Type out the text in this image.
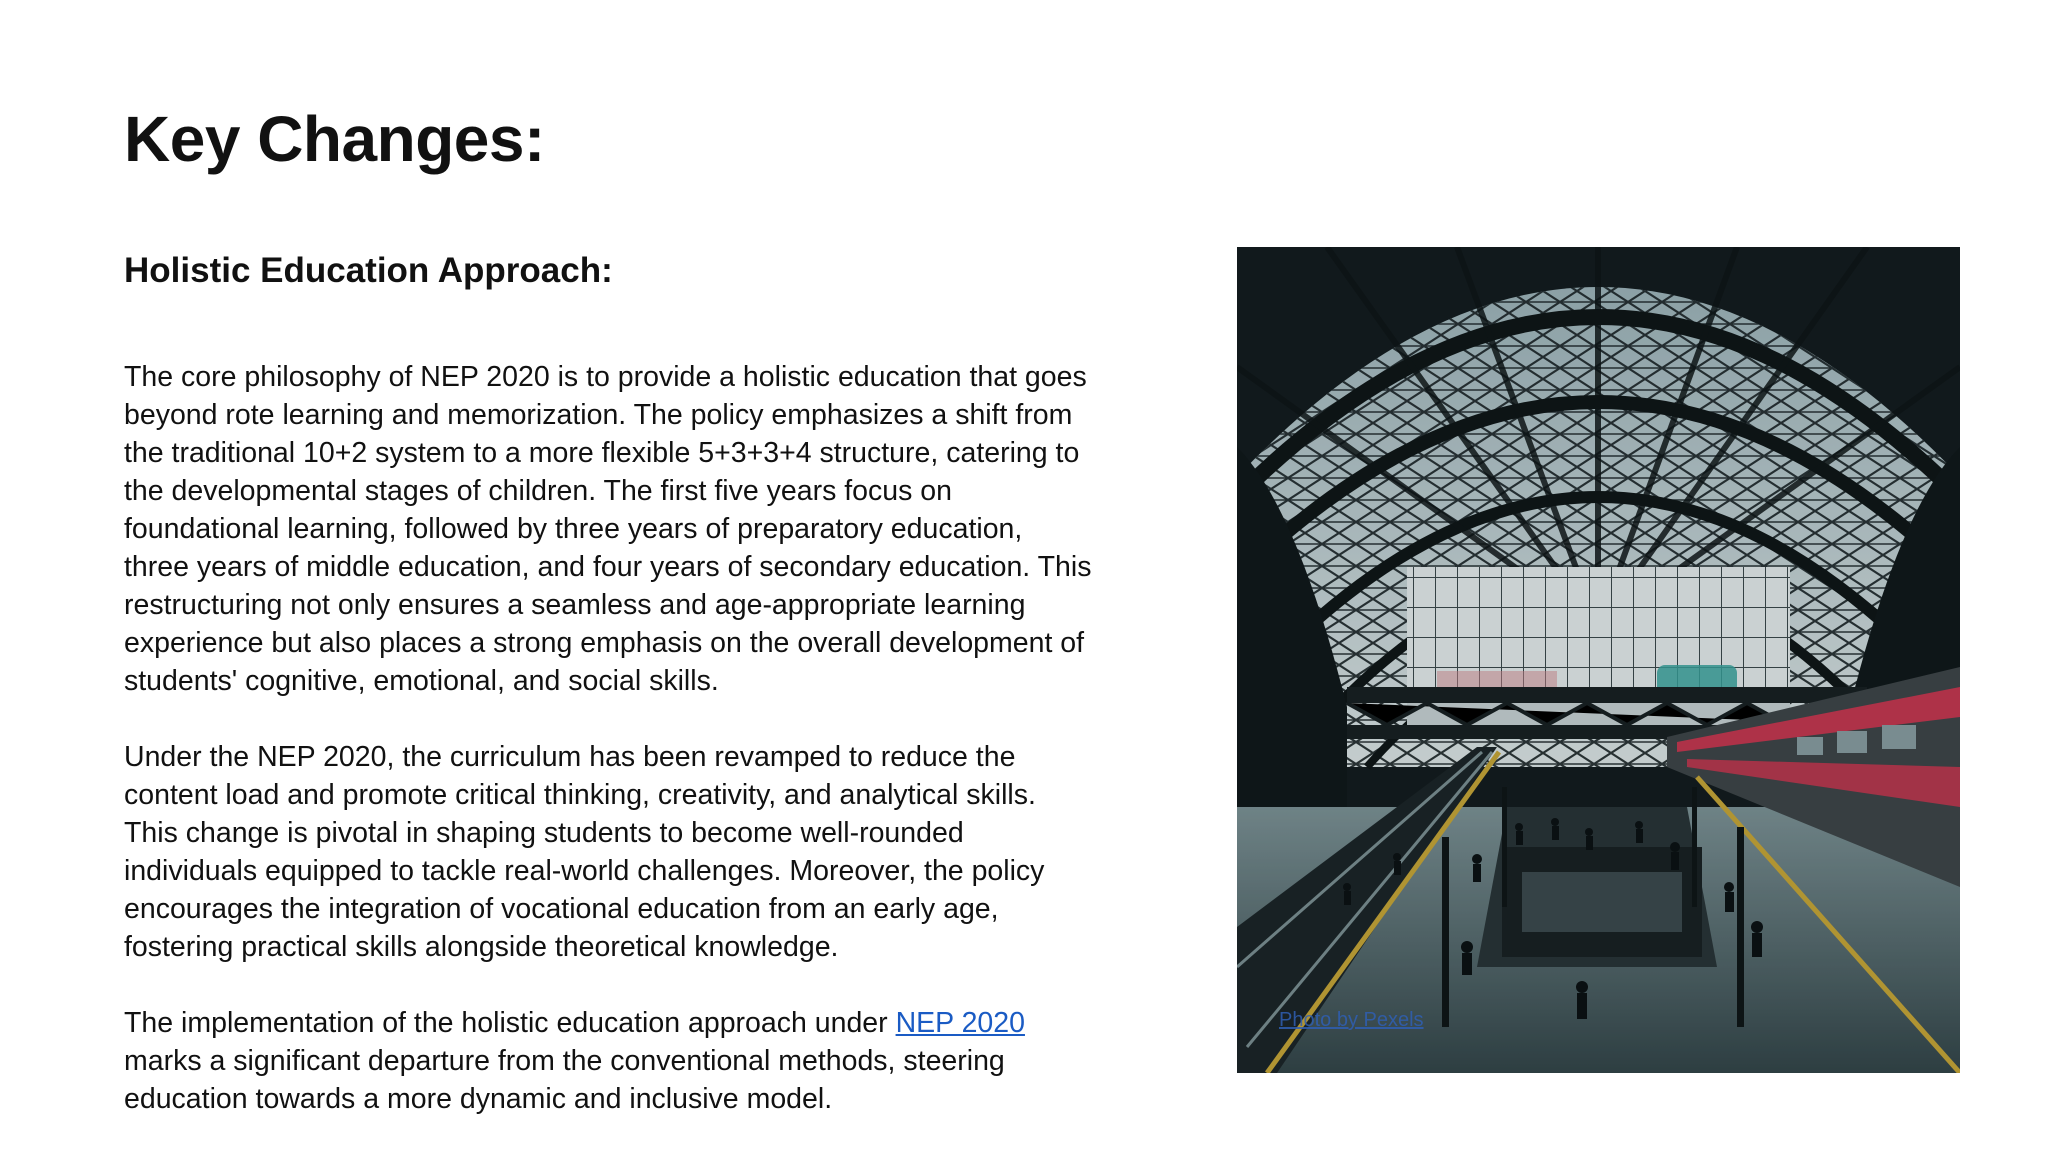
Key Changes:
Holistic Education Approach:

The core philosophy of NEP 2020 is to provide a holistic education that goes

beyond rote learning and memorization. The policy emphasizes a shift from

the traditional 10+2 system to a more flexible 5+3+3+4 structure, catering to

the developmental stages of children. The first five years focus on

foundational learning, followed by three years of preparatory education,

three years of middle education, and four years of secondary education. This

restructuring not only ensures a seamless and age-appropriate learning

experience but also places a strong emphasis on the overall development of

students' cognitive, emotional, and social skills.

Under the NEP 2020, the curriculum has been revamped to reduce the

content load and promote critical thinking, creativity, and analytical skills.

This change is pivotal in shaping students to become well-rounded

individuals equipped to tackle real-world challenges. Moreover, the policy

encourages the integration of vocational education from an early age,

fostering practical skills alongside theoretical knowledge.

The implementation of the holistic education approach under NEP 2020

marks a significant departure from the conventional methods, steering

education towards a more dynamic and inclusive model.

Photo by Pexels
